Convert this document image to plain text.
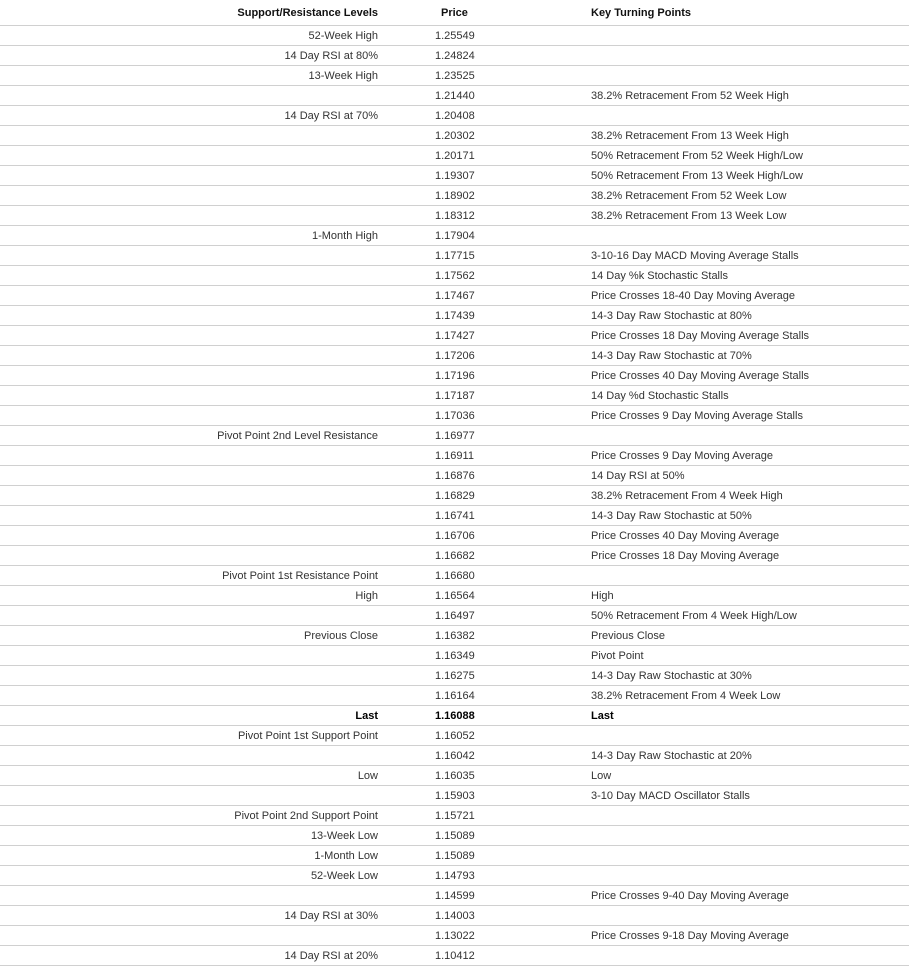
Support/Resistance Levels	Price	Key Turning Points
52-Week High	1.25549	
14 Day RSI at 80%	1.24824	
13-Week High	1.23525	
	1.21440	38.2% Retracement From 52 Week High
14 Day RSI at 70%	1.20408	
	1.20302	38.2% Retracement From 13 Week High
	1.20171	50% Retracement From 52 Week High/Low
	1.19307	50% Retracement From 13 Week High/Low
	1.18902	38.2% Retracement From 52 Week Low
	1.18312	38.2% Retracement From 13 Week Low
1-Month High	1.17904	
	1.17715	3-10-16 Day MACD Moving Average Stalls
	1.17562	14 Day %k Stochastic Stalls
	1.17467	Price Crosses 18-40 Day Moving Average
	1.17439	14-3 Day Raw Stochastic at 80%
	1.17427	Price Crosses 18 Day Moving Average Stalls
	1.17206	14-3 Day Raw Stochastic at 70%
	1.17196	Price Crosses 40 Day Moving Average Stalls
	1.17187	14 Day %d Stochastic Stalls
	1.17036	Price Crosses 9 Day Moving Average Stalls
Pivot Point 2nd Level Resistance	1.16977	
	1.16911	Price Crosses 9 Day Moving Average
	1.16876	14 Day RSI at 50%
	1.16829	38.2% Retracement From 4 Week High
	1.16741	14-3 Day Raw Stochastic at 50%
	1.16706	Price Crosses 40 Day Moving Average
	1.16682	Price Crosses 18 Day Moving Average
Pivot Point 1st Resistance Point	1.16680	
High	1.16564	High
	1.16497	50% Retracement From 4 Week High/Low
Previous Close	1.16382	Previous Close
	1.16349	Pivot Point
	1.16275	14-3 Day Raw Stochastic at 30%
	1.16164	38.2% Retracement From 4 Week Low
Last	1.16088	Last
Pivot Point 1st Support Point	1.16052	
	1.16042	14-3 Day Raw Stochastic at 20%
Low	1.16035	Low
	1.15903	3-10 Day MACD Oscillator Stalls
Pivot Point 2nd Support Point	1.15721	
13-Week Low	1.15089	
1-Month Low	1.15089	
52-Week Low	1.14793	
	1.14599	Price Crosses 9-40 Day Moving Average
14 Day RSI at 30%	1.14003	
	1.13022	Price Crosses 9-18 Day Moving Average
14 Day RSI at 20%	1.10412	
